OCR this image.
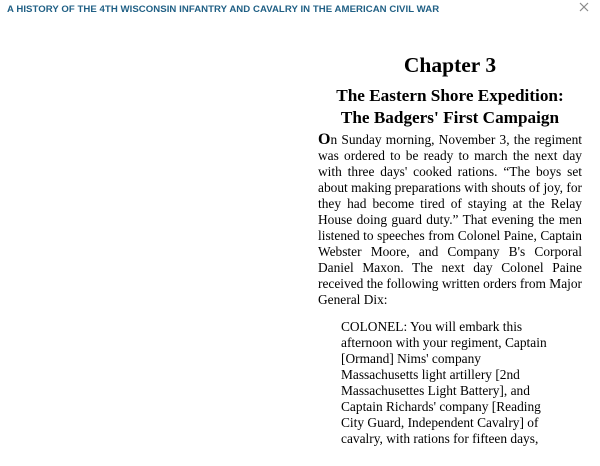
A HISTORY OF THE 4TH WISCONSIN INFANTRY AND CAVALRY IN THE AMERICAN CIVIL WAR
Chapter 3
The Eastern Shore Expedition:
The Badgers' First Campaign

On Sunday morning, November 3, the regiment was ordered to be ready to march the next day with three days' cooked rations. “The boys set about making preparations with shouts of joy, for they had become tired of staying at the Relay House doing guard duty.” That evening the men listened to speeches from Colonel Paine, Captain Webster Moore, and Company B's Corporal Daniel Maxon. The next day Colonel Paine received the following written orders from Major General Dix:

COLONEL: You will embark this
afternoon with your regiment, Captain
[Ormand] Nims' company
Massachusetts light artillery [2nd
Massachusettes Light Battery], and
Captain Richards' company [Reading
City Guard, Independent Cavalry] of
cavalry, with rations for fifteen days,
